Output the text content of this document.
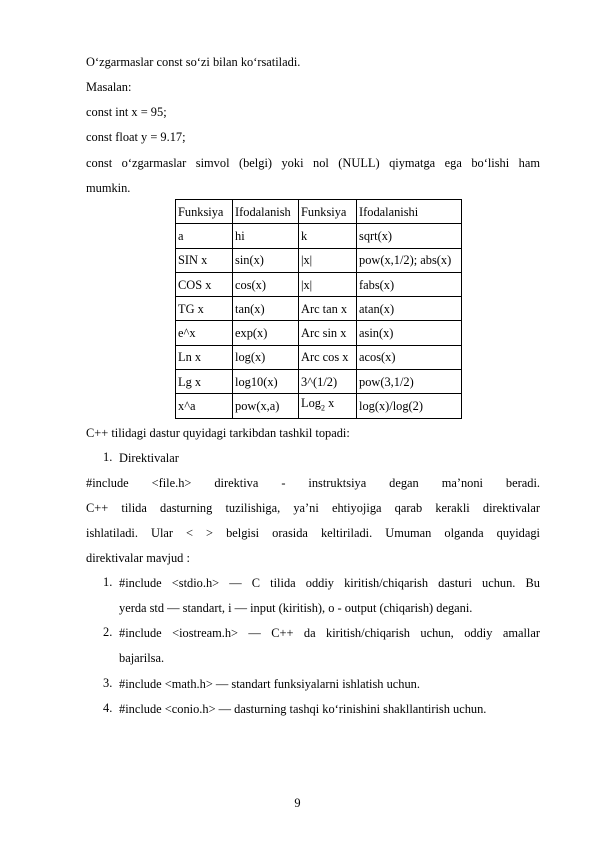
O‘zgarmaslar const so‘zi bilan ko‘rsatiladi.
Masalan:
const int x = 95;
const float y = 9.17;
const o‘zgarmaslar simvol (belgi) yoki nol (NULL) qiymatga ega bo‘lishi ham
mumkin.
Funksiya	Ifodalanish	Funksiya	Ifodalanishi
a	hi	k	sqrt(x)
SIN x	sin(x)	|x|	pow(x,1/2); abs(x)
COS x	cos(x)	|x|	fabs(x)
TG x	tan(x)	Arc tan x	atan(x)
e^x	exp(x)	Arc sin x	asin(x)
Ln x	log(x)	Arc cos x	acos(x)
Lg x	log10(x)	3^(1/2)	pow(3,1/2)
x^a	pow(x,a)	Log$_2$ x	log(x)/log(2)
C++ tilidagi dastur quyidagi tarkibdan tashkil topadi:
1. Direktivalar
#include <file.h> direktiva - instruktsiya degan ma’noni beradi.
C++ tilida dasturning tuzilishiga, ya’ni ehtiyojiga qarab kerakli direktivalar
ishlatiladi. Ular < > belgisi orasida keltiriladi. Umuman olganda quyidagi
direktivalar mavjud :
1. #include <stdio.h> — C tilida oddiy kiritish/chiqarish dasturi uchun. Bu
yerda std — standart, i — input (kiritish), o - output (chiqarish) degani.
2. #include <iostream.h> — C++ da kiritish/chiqarish uchun, oddiy amallar
bajarilsa.
3. #include <math.h> — standart funksiyalarni ishlatish uchun.
4. #include <conio.h> — dasturning tashqi ko‘rinishini shakllantirish uchun.
9
